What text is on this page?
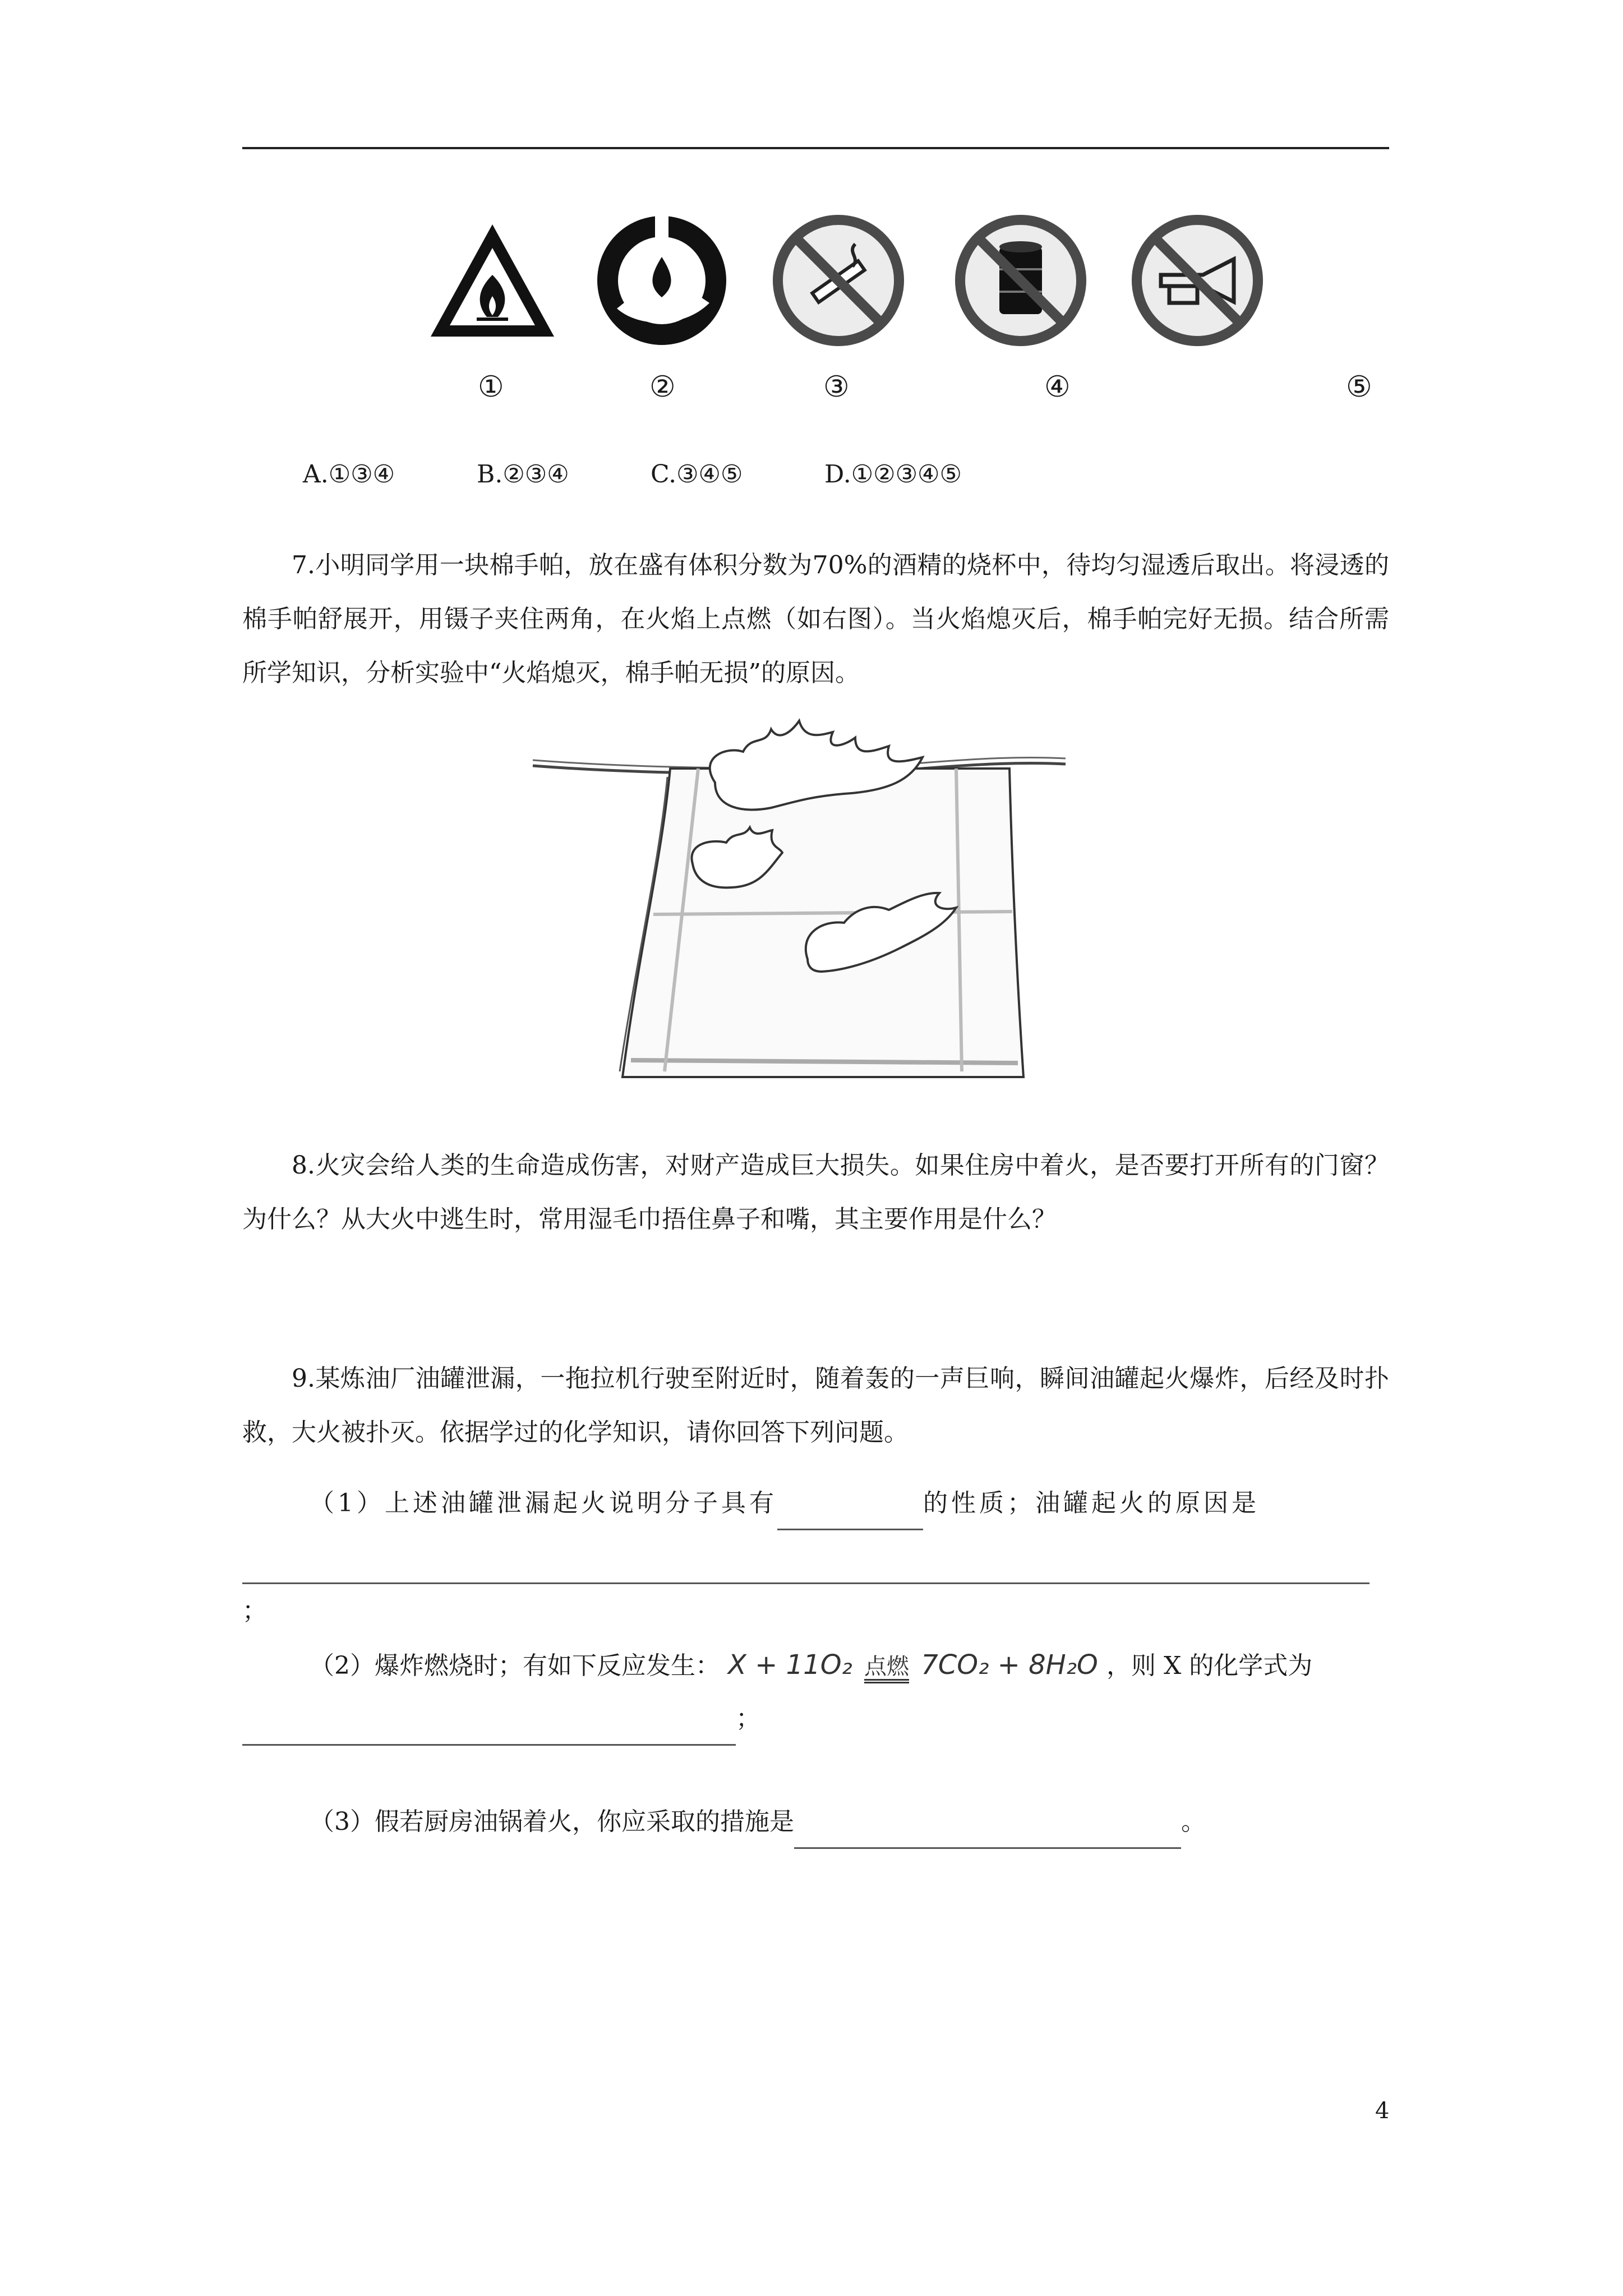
①	②	③	④	⑤
A.①③④	B.②③④	C.③④⑤	D.①②③④⑤
7.小明同学用一块棉手帕，放在盛有体积分数为70%的酒精的烧杯中，待均匀湿透后取出。将浸透的棉手帕舒展开，用镊子夹住两角，在火焰上点燃（如右图）。当火焰熄灭后，棉手帕完好无损。结合所需所学知识，分析实验中“火焰熄灭，棉手帕无损”的原因。
8.火灾会给人类的生命造成伤害，对财产造成巨大损失。如果住房中着火，是否要打开所有的门窗？为什么？从大火中逃生时，常用湿毛巾捂住鼻子和嘴，其主要作用是什么？
9.某炼油厂油罐泄漏，一拖拉机行驶至附近时，随着轰的一声巨响，瞬间油罐起火爆炸，后经及时扑救，大火被扑灭。依据学过的化学知识，请你回答下列问题。
（1）上述油罐泄漏起火说明分子具有	的性质；油罐起火的原因是
；
（2）爆炸燃烧时；有如下反应发生： X + 11O₂ 点燃 7CO₂ + 8H₂O ，则 X 的化学式为
；
（3）假若厨房油锅着火，你应采取的措施是	。
4
